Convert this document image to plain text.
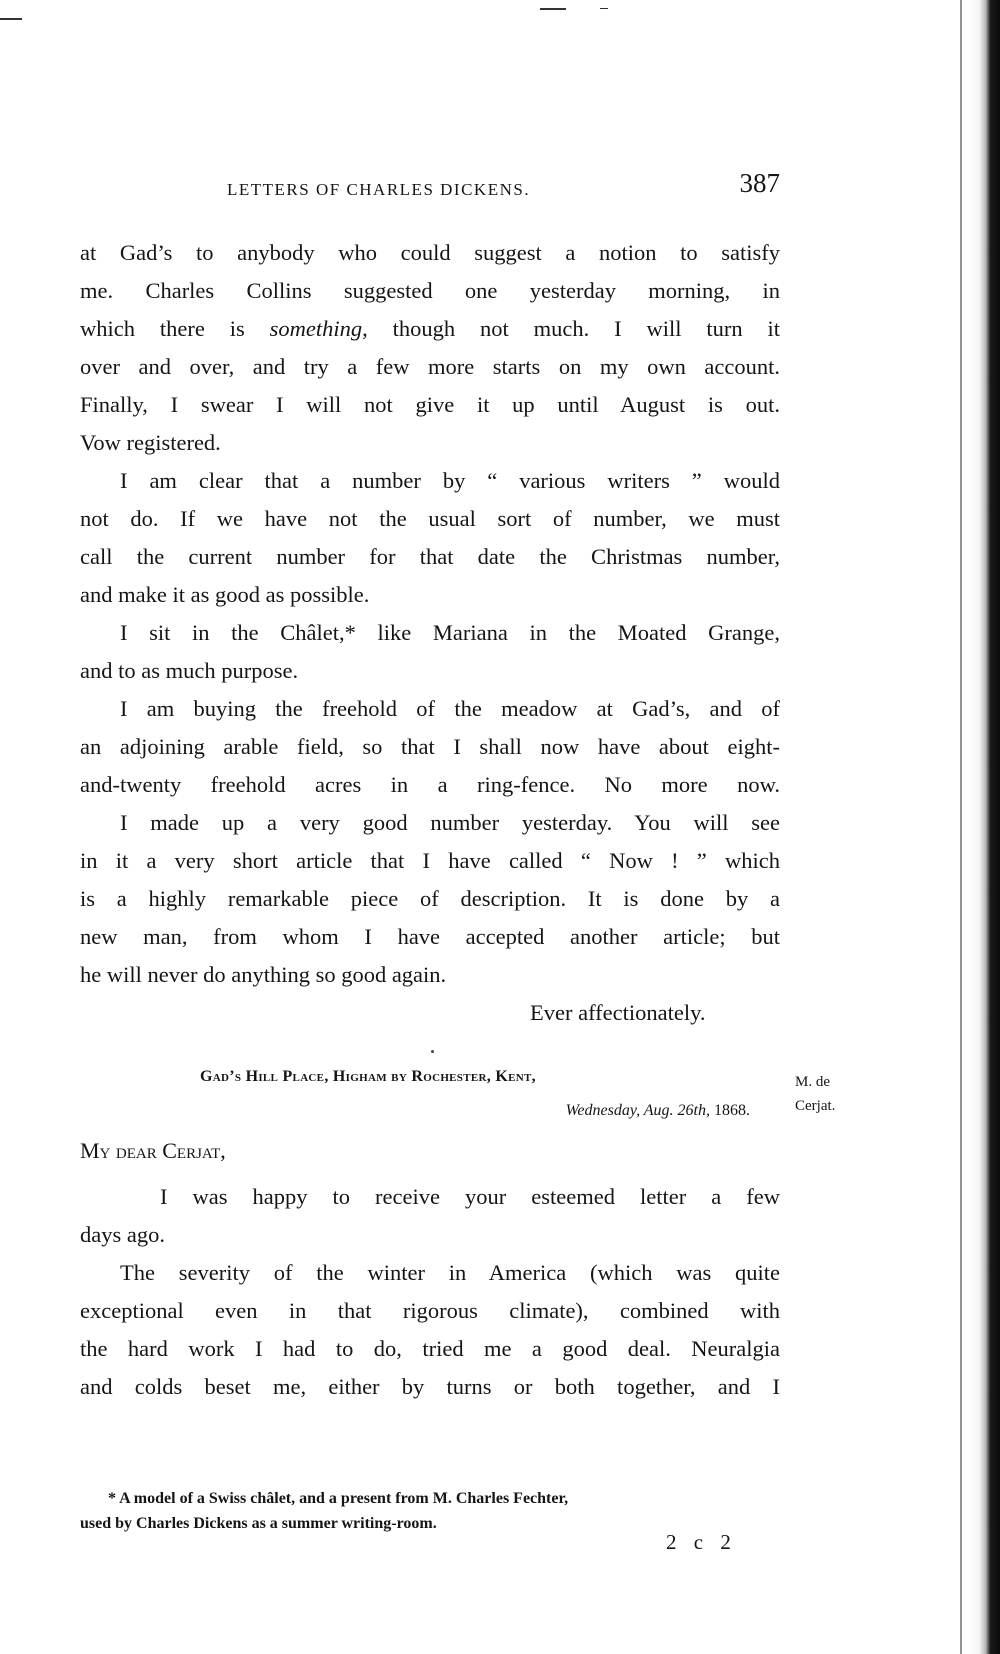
LETTERS OF CHARLES DICKENS.	387
at Gad’s to anybody who could suggest a notion to satisfy
me. Charles Collins suggested one yesterday morning, in
which there is something, though not much. I will turn it
over and over, and try a few more starts on my own account.
Finally, I swear I will not give it up until August is out.
Vow registered.
I am clear that a number by “ various writers ” would
not do. If we have not the usual sort of number, we must
call the current number for that date the Christmas number,
and make it as good as possible.
I sit in the Châlet,* like Mariana in the Moated Grange,
and to as much purpose.
I am buying the freehold of the meadow at Gad’s, and of
an adjoining arable field, so that I shall now have about eight-
and-twenty freehold acres in a ring-fence. No more now.
I made up a very good number yesterday. You will see
in it a very short article that I have called “ Now ! ” which
is a highly remarkable piece of description. It is done by a
new man, from whom I have accepted another article; but
he will never do anything so good again.
Ever affectionately.
Gad’s Hill Place, Higham by Rochester, Kent,
Wednesday, Aug. 26th, 1868.
M. de
Cerjat.
My dear Cerjat,
I was happy to receive your esteemed letter a few
days ago.
The severity of the winter in America (which was quite
exceptional even in that rigorous climate), combined with
the hard work I had to do, tried me a good deal. Neuralgia
and colds beset me, either by turns or both together, and I
* A model of a Swiss châlet, and a present from M. Charles Fechter,
used by Charles Dickens as a summer writing-room.
2 c 2
